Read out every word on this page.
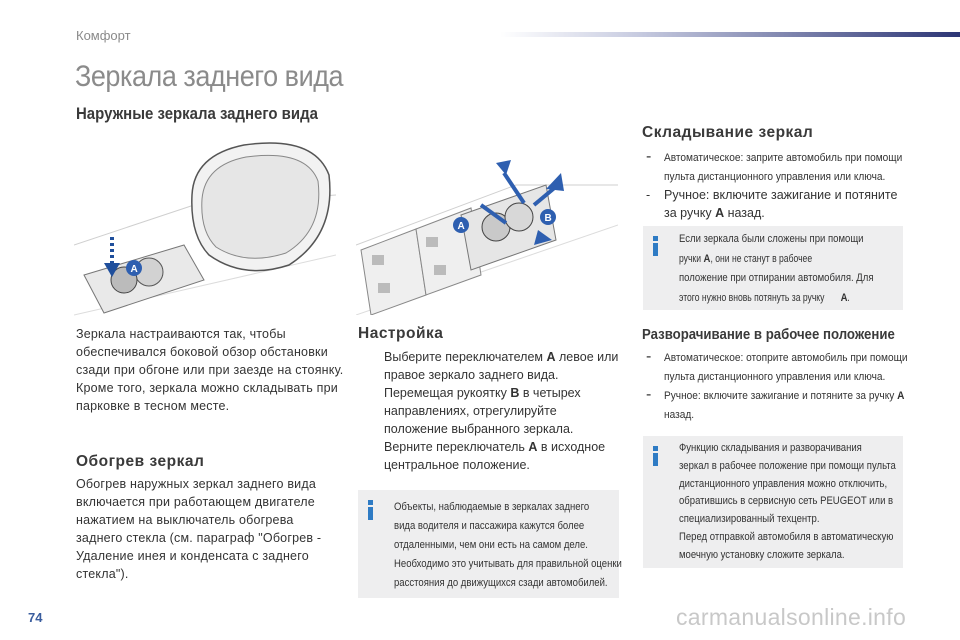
Комфорт
Зеркала заднего вида
Наружные зеркала заднего вида
A
A
B
Зеркала настраиваются так, чтобы
обеспечивался боковой обзор обстановки
сзади при обгоне или при заезде на стоянку.
Кроме того, зеркала можно складывать при
парковке в тесном месте.
Обогрев зеркал
Обогрев наружных зеркал заднего вида
включается при работающем двигателе
нажатием на выключатель обогрева
заднего стекла (см. параграф "Обогрев -
Удаление инея и конденсата с заднего
стекла").
Настройка
Выберите переключателем A левое или
правое зеркало заднего вида.
Перемещая рукоятку B в четырех
направлениях, отрегулируйте
положение выбранного зеркала.
Верните переключатель A в исходное
центральное положение.
Объекты, наблюдаемые в зеркалах заднего
вида водителя и пассажира кажутся более
отдаленными, чем они есть на самом деле.
Необходимо это учитывать для правильной оценки
расстояния до движущихся сзади автомобилей.
Складывание зеркал
- Автоматическое: заприте автомобиль при помощи пульта дистанционного управления или ключа.
- Ручное: включите зажигание и потяните
за ручку A назад.
Если зеркала были сложены при помощи
ручкиA, они не станут в рабочее
положение при отпирании автомобиля. Для
этого нужно вновь потянуть за ручкуA.
Разворачивание в рабочее положение
- Автоматическое: отоприте автомобиль при помощи пульта дистанционного управления или ключа.
- Ручное: включите зажигание и потяните за ручку A назад.
Функцию складывания и разворачивания
зеркал в рабочее положение при помощи пульта
дистанционного управления можно отключить,
обратившись в сервисную сеть PEUGEOT или в
специализированный техцентр.
Перед отправкой автомобиля в автоматическую
моечную установку сложите зеркала.
74	carmanualsonline.info
